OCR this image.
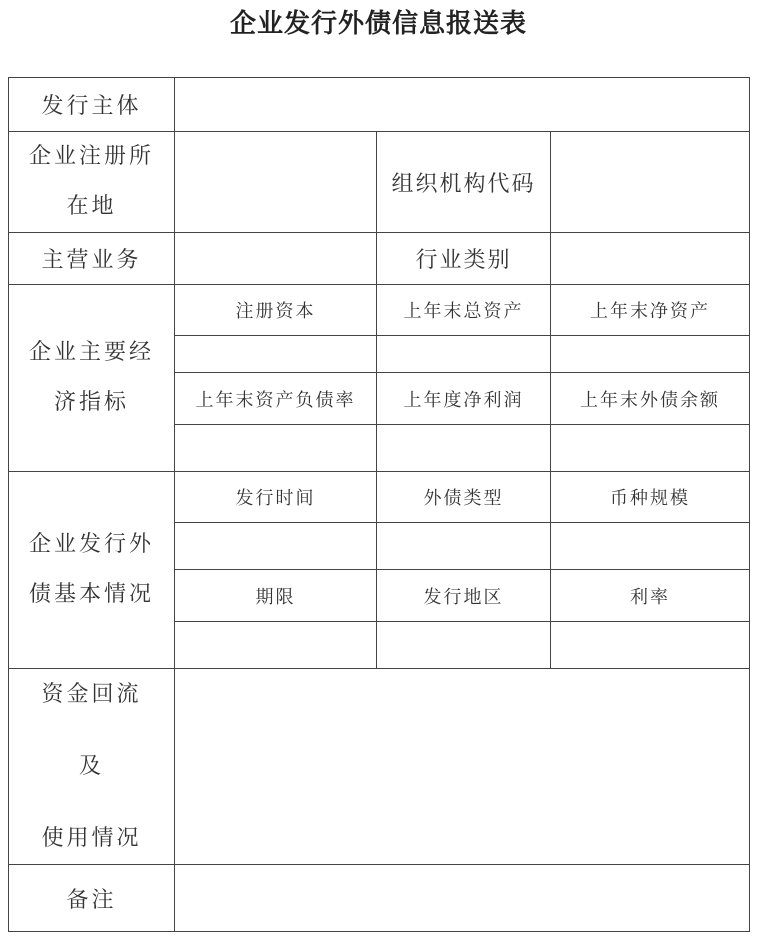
企业发行外债信息报送表
发行主体			

企业注册所
在地		组织机构代码	
主营业务		行业类别	

企业主要经
济指标	注册资本	上年末总资产	上年末净资产

	上年末资产负债率	上年度净利润	上年末外债余额

企业发行外
债基本情况	发行时间	外债类型	币种规模

	期限	发行地区	利率

资金回流
及
使用情况			

备注			
